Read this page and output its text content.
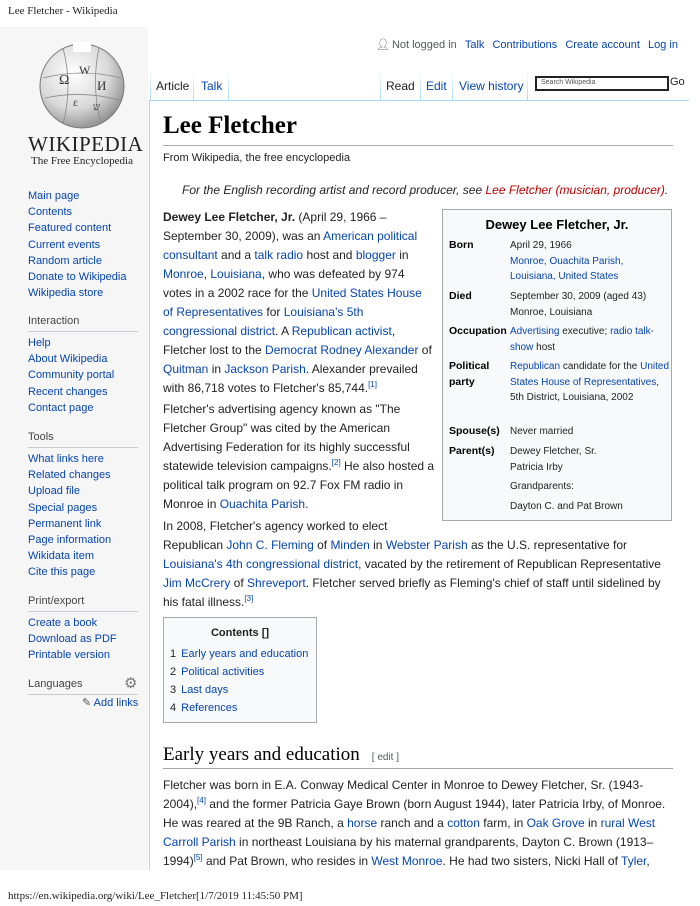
Lee Fletcher - Wikipedia
Ω
W
И
ε ש
WIKIPEDIA
The Free Encyclopedia
Main page
Contents
Featured content
Current events
Random article
Donate to Wikipedia
Wikipedia store
Interaction
Help
About Wikipedia
Community portal
Recent changes
Contact page
Tools
What links here
Related changes
Upload file
Special pages
Permanent link
Page information
Wikidata item
Cite this page
Print/export
Create a book
Download as PDF
Printable version
Languages	⚙
✎ Add links
👤︎ Not logged in Talk Contributions Create account Log in
Article Talk	Read Edit	View history	Search Wikipedia	Go
Lee Fletcher
From Wikipedia, the free encyclopedia
For the English recording artist and record producer, see Lee Fletcher (musician, producer).
Dewey Lee Fletcher, Jr. (April 29, 1966 – September 30, 2009), was an American political consultant and a talk radio host and blogger in Monroe, Louisiana, who was defeated by 974 votes in a 2002 race for the United States House of Representatives for Louisiana's 5th congressional district. A Republican activist, Fletcher lost to the Democrat Rodney Alexander of Quitman in Jackson Parish. Alexander prevailed with 86,718 votes to Fletcher's 85,744.[1]
Fletcher's advertising agency known as "The Fletcher Group" was cited by the American Advertising Federation for its highly successful statewide television campaigns.[2] He also hosted a political talk program on 92.7 Fox FM radio in Monroe in Ouachita Parish.
In 2008, Fletcher's agency worked to elect
Republican John C. Fleming of Minden in Webster Parish as the U.S. representative for Louisiana's 4th congressional district, vacated by the retirement of Republican Representative Jim McCrery of Shreveport. Fletcher served briefly as Fleming's chief of staff until sidelined by his fatal illness.[3]
Dewey Lee Fletcher, Jr.
Born	April 29, 1966
Monroe, Ouachita Parish, Louisiana, United States
Died	September 30, 2009 (aged 43)
Monroe, Louisiana
Occupation Advertising executive; radio talk-show host
Political party
Republican candidate for the United States House of Representatives, 5th District, Louisiana, 2002
Spouse(s) Never married
Parent(s) Dewey Fletcher, Sr.
Patricia Irby
Grandparents:
Dayton C. and Pat Brown
Contents []
1 Early years and education
2 Political activities
3 Last days
4 References
Early years and education [ edit ]
Fletcher was born in E.A. Conway Medical Center in Monroe to Dewey Fletcher, Sr. (1943-2004),[4] and the former Patricia Gaye Brown (born August 1944), later Patricia Irby, of Monroe. He was reared at the 9B Ranch, a horse ranch and a cotton farm, in Oak Grove in rural West Carroll Parish in northeast Louisiana by his maternal grandparents, Dayton C. Brown (1913–1994)[5] and Pat Brown, who resides in West Monroe. He had two sisters, Nicki Hall of Tyler,
https://en.wikipedia.org/wiki/Lee_Fletcher[1/7/2019 11:45:50 PM]
